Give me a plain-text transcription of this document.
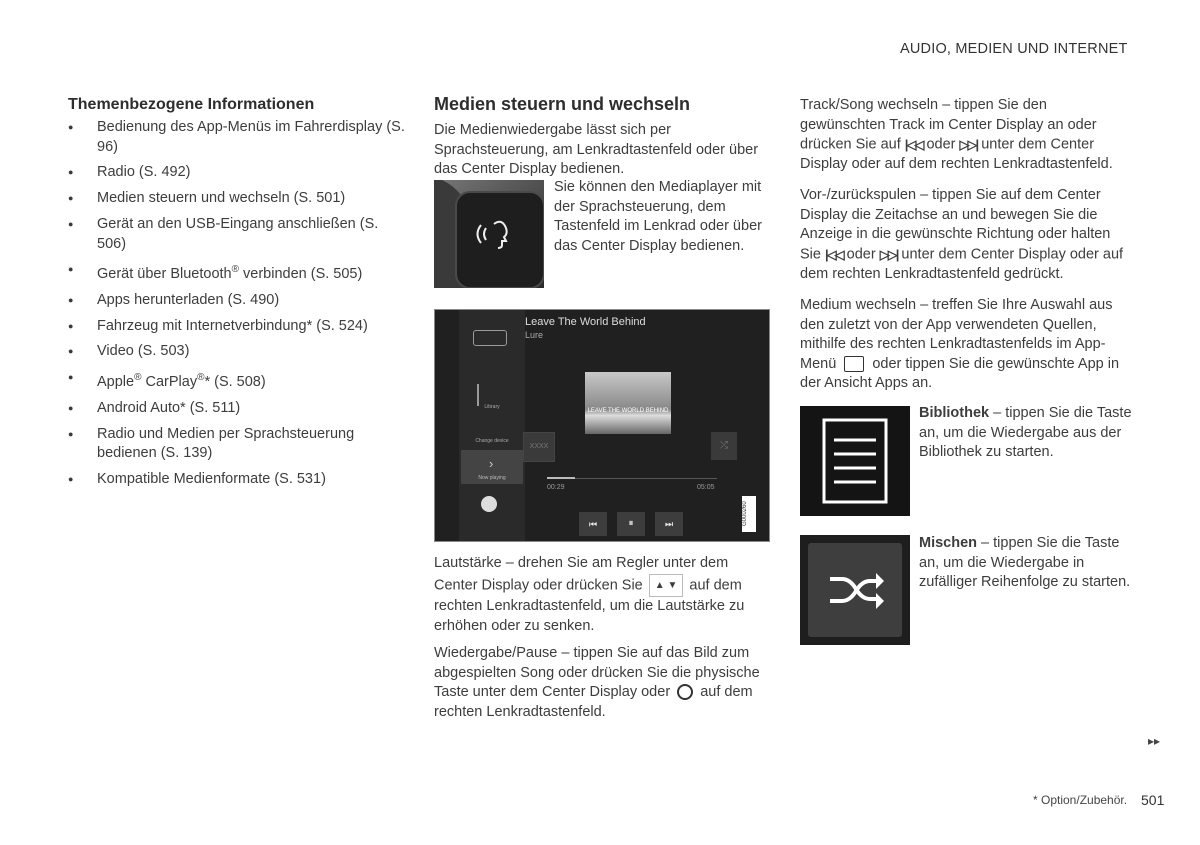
AUDIO, MEDIEN UND INTERNET
Themenbezogene Informationen
● Bedienung des App-Menüs im Fahrerdisplay (S. 96)
● Radio (S. 492)
● Medien steuern und wechseln (S. 501)
● Gerät an den USB-Eingang anschließen (S. 506)
● Gerät über Bluetooth® verbinden (S. 505)
● Apps herunterladen (S. 490)
● Fahrzeug mit Internetverbindung* (S. 524)
● Video (S. 503)
● Apple® CarPlay®* (S. 508)
● Android Auto* (S. 511)
● Radio und Medien per Sprachsteuerung bedienen (S. 139)
● Kompatible Medienformate (S. 531)
Medien steuern und wechseln
Die Medienwiedergabe lässt sich per Sprachsteuerung, am Lenkradtastenfeld oder über das Center Display bedienen.
Sie können den Mediaplayer mit der Sprachsteuerung, dem Tastenfeld im Lenkrad oder über das Center Display bedienen.
Library
Change device
›
Now playing
Leave The World Behind
Lure
LEAVE THE WORLD BEHIND
XXXX	⤮
00:29	05:05
⏮	⏸	⏭	G000260
Lautstärke – drehen Sie am Regler unter dem Center Display oder drücken Sie ▲ ▼ auf dem rechten Lenkradtastenfeld, um die Lautstärke zu erhöhen oder zu senken.
Wiedergabe/Pause – tippen Sie auf das Bild zum abgespielten Song oder drücken Sie die physische Taste unter dem Center Display oder auf dem rechten Lenkradtastenfeld.
Track/Song wechseln – tippen Sie den gewünschten Track im Center Display an oder drücken Sie auf |◁◁ oder ▷▷| unter dem Center Display oder auf dem rechten Lenkradtastenfeld.
Vor-/zurückspulen – tippen Sie auf dem Center Display die Zeitachse an und bewegen Sie die Anzeige in die gewünschte Richtung oder halten Sie |◁◁ oder ▷▷| unter dem Center Display oder auf dem rechten Lenkradtastenfeld gedrückt.
Medium wechseln – treffen Sie Ihre Auswahl aus den zuletzt von der App verwendeten Quellen, mithilfe des rechten Lenkradtastenfelds im App-Menü oder tippen Sie die gewünschte App in der Ansicht Apps an.
Bibliothek – tippen Sie die Taste an, um die Wiedergabe aus der Bibliothek zu starten.
Mischen – tippen Sie die Taste an, um die Wiedergabe in zufälliger Reihenfolge zu starten.
▸▸
* Option/Zubehör. 501
